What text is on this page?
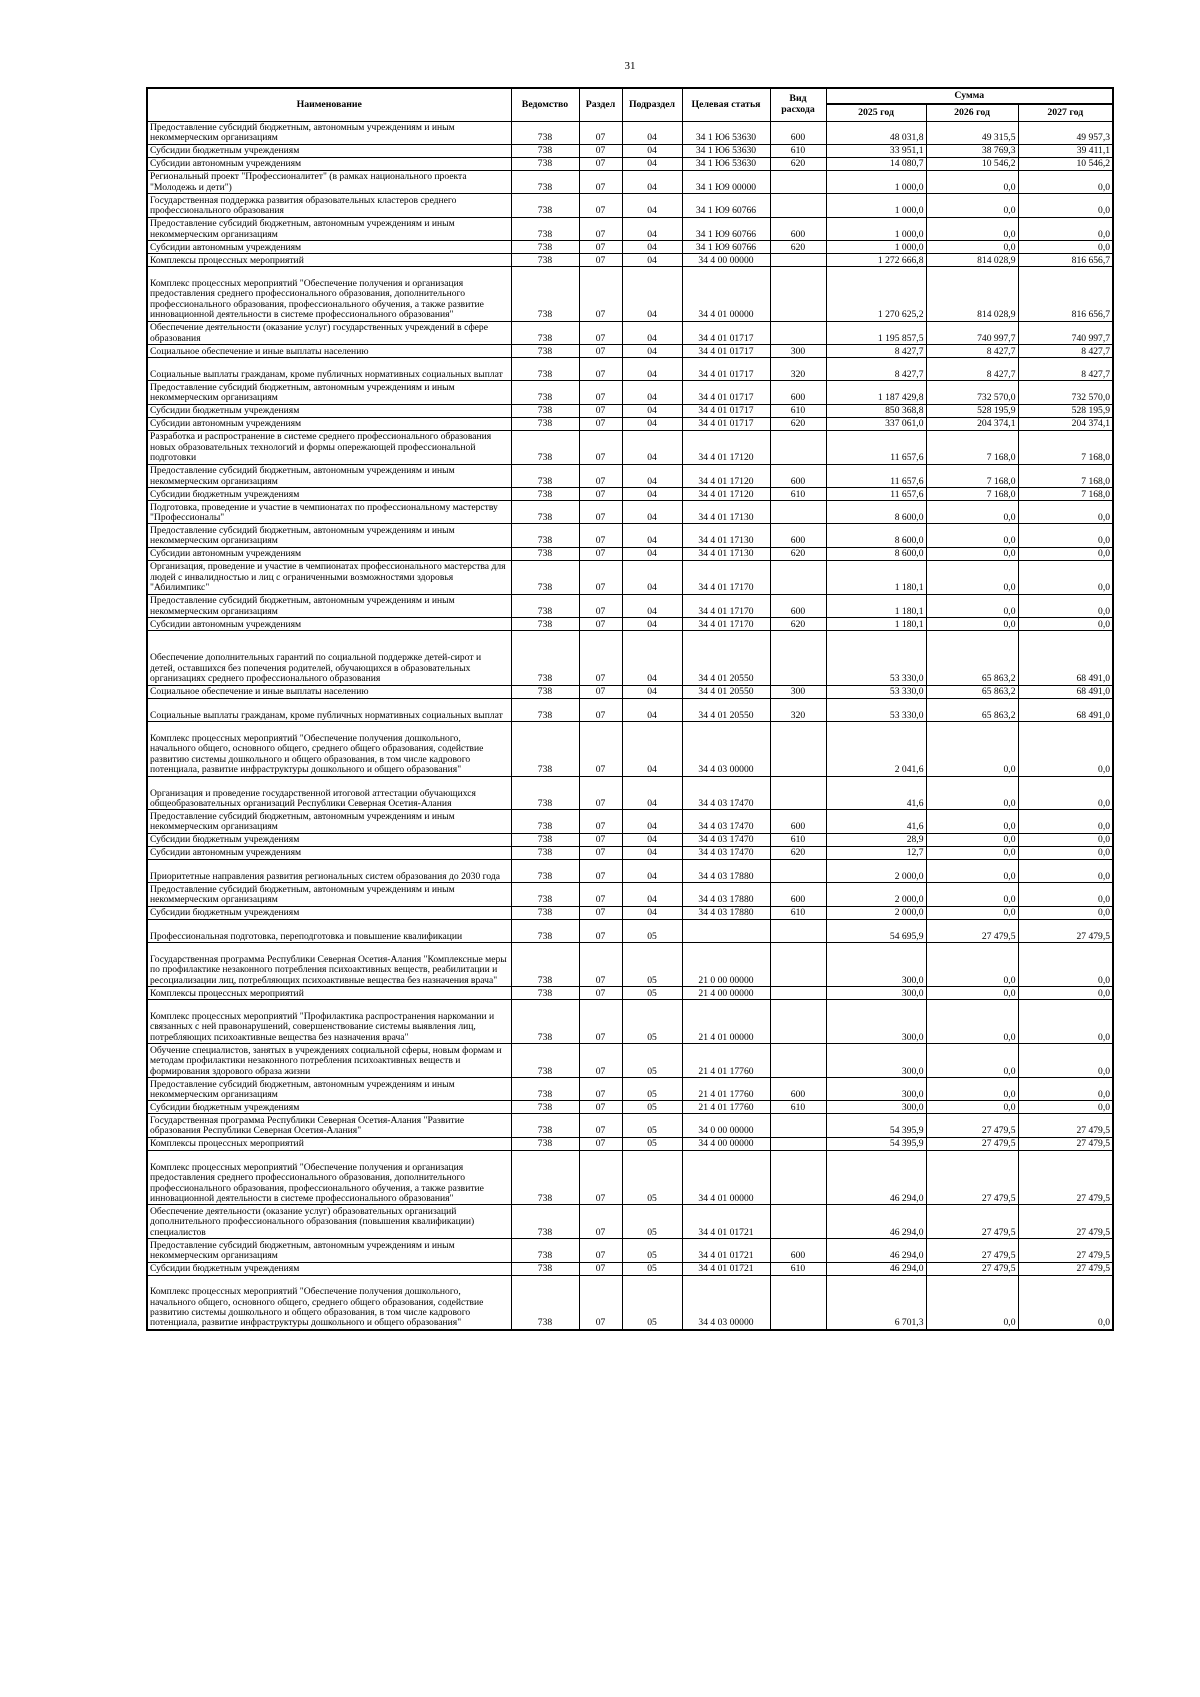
31
Наименование	Ведомство	Раздел	Подраздел	Целевая статья	Вид расхода	Сумма		
						2025 год	2026 год	2027 год
Предоставление субсидий бюджетным, автономным учреждениям и иным некоммерческим организациям	738	07	04	34 1 Ю6 53630	600	48 031,8	49 315,5	49 957,3
Субсидии бюджетным учреждениям	738	07	04	34 1 Ю6 53630	610	33 951,1	38 769,3	39 411,1
Субсидии автономным учреждениям	738	07	04	34 1 Ю6 53630	620	14 080,7	10 546,2	10 546,2
Региональный проект "Профессионалитет" (в рамках национального проекта "Молодежь и дети")	738	07	04	34 1 Ю9 00000		1 000,0	0,0	0,0
Государственная поддержка развития образовательных кластеров среднего профессионального образования	738	07	04	34 1 Ю9 60766		1 000,0	0,0	0,0
Предоставление субсидий бюджетным, автономным учреждениям и иным некоммерческим организациям	738	07	04	34 1 Ю9 60766	600	1 000,0	0,0	0,0
Субсидии автономным учреждениям	738	07	04	34 1 Ю9 60766	620	1 000,0	0,0	0,0
Комплексы процессных мероприятий	738	07	04	34 4 00 00000		1 272 666,8	814 028,9	816 656,7
Комплекс процессных мероприятий "Обеспечение получения и организация предоставления среднего профессионального образования, дополнительного профессионального образования, профессионального обучения, а также развитие инновационной деятельности в системе профессионального образования"	738	07	04	34 4 01 00000		1 270 625,2	814 028,9	816 656,7
Обеспечение деятельности (оказание услуг) государственных учреждений в сфере образования	738	07	04	34 4 01 01717		1 195 857,5	740 997,7	740 997,7
Социальное обеспечение и иные выплаты населению	738	07	04	34 4 01 01717	300	8 427,7	8 427,7	8 427,7
Социальные выплаты гражданам, кроме публичных нормативных социальных выплат	738	07	04	34 4 01 01717	320	8 427,7	8 427,7	8 427,7
Предоставление субсидий бюджетным, автономным учреждениям и иным некоммерческим организациям	738	07	04	34 4 01 01717	600	1 187 429,8	732 570,0	732 570,0
Субсидии бюджетным учреждениям	738	07	04	34 4 01 01717	610	850 368,8	528 195,9	528 195,9
Субсидии автономным учреждениям	738	07	04	34 4 01 01717	620	337 061,0	204 374,1	204 374,1
Разработка и распространение в системе среднего профессионального образования новых образовательных технологий и формы опережающей профессиональной подготовки	738	07	04	34 4 01 17120		11 657,6	7 168,0	7 168,0
Предоставление субсидий бюджетным, автономным учреждениям и иным некоммерческим организациям	738	07	04	34 4 01 17120	600	11 657,6	7 168,0	7 168,0
Субсидии бюджетным учреждениям	738	07	04	34 4 01 17120	610	11 657,6	7 168,0	7 168,0
Подготовка, проведение и участие в чемпионатах по профессиональному мастерству "Профессионалы"	738	07	04	34 4 01 17130		8 600,0	0,0	0,0
Предоставление субсидий бюджетным, автономным учреждениям и иным некоммерческим организациям	738	07	04	34 4 01 17130	600	8 600,0	0,0	0,0
Субсидии автономным учреждениям	738	07	04	34 4 01 17130	620	8 600,0	0,0	0,0
Организация, проведение и участие в чемпионатах профессионального мастерства для людей с инвалидностью и лиц с ограниченными возможностями здоровья "Абилимпикс"	738	07	04	34 4 01 17170		1 180,1	0,0	0,0
Предоставление субсидий бюджетным, автономным учреждениям и иным некоммерческим организациям	738	07	04	34 4 01 17170	600	1 180,1	0,0	0,0
Субсидии автономным учреждениям	738	07	04	34 4 01 17170	620	1 180,1	0,0	0,0
Обеспечение дополнительных гарантий по социальной поддержке детей-сирот и детей, оставшихся без попечения родителей, обучающихся в образовательных организациях среднего профессионального образования	738	07	04	34 4 01 20550		53 330,0	65 863,2	68 491,0
Социальное обеспечение и иные выплаты населению	738	07	04	34 4 01 20550	300	53 330,0	65 863,2	68 491,0
Социальные выплаты гражданам, кроме публичных нормативных социальных выплат	738	07	04	34 4 01 20550	320	53 330,0	65 863,2	68 491,0
Комплекс процессных мероприятий "Обеспечение получения дошкольного, начального общего, основного общего, среднего общего образования, содействие развитию системы дошкольного и общего образования, в том числе кадрового потенциала, развитие инфраструктуры дошкольного и общего образования"	738	07	04	34 4 03 00000		2 041,6	0,0	0,0
Организация и проведение государственной итоговой аттестации обучающихся общеобразовательных организаций Республики Северная Осетия-Алания	738	07	04	34 4 03 17470		41,6	0,0	0,0
Предоставление субсидий бюджетным, автономным учреждениям и иным некоммерческим организациям	738	07	04	34 4 03 17470	600	41,6	0,0	0,0
Субсидии бюджетным учреждениям	738	07	04	34 4 03 17470	610	28,9	0,0	0,0
Субсидии автономным учреждениям	738	07	04	34 4 03 17470	620	12,7	0,0	0,0
Приоритетные направления развития региональных систем образования до 2030 года	738	07	04	34 4 03 17880		2 000,0	0,0	0,0
Предоставление субсидий бюджетным, автономным учреждениям и иным некоммерческим организациям	738	07	04	34 4 03 17880	600	2 000,0	0,0	0,0
Субсидии бюджетным учреждениям	738	07	04	34 4 03 17880	610	2 000,0	0,0	0,0
Профессиональная подготовка, переподготовка и повышение квалификации	738	07	05			54 695,9	27 479,5	27 479,5
Государственная программа Республики Северная Осетия-Алания "Комплексные меры по профилактике незаконного потребления психоактивных веществ, реабилитации и ресоциализации лиц, потребляющих психоактивные вещества без назначения врача"	738	07	05	21 0 00 00000		300,0	0,0	0,0
Комплексы процессных мероприятий	738	07	05	21 4 00 00000		300,0	0,0	0,0
Комплекс процессных мероприятий "Профилактика распространения наркомании и связанных с ней правонарушений, совершенствование системы выявления лиц, потребляющих психоактивные вещества без назначения врача"	738	07	05	21 4 01 00000		300,0	0,0	0,0
Обучение специалистов, занятых в учреждениях социальной сферы, новым формам и методам профилактики незаконного потребления психоактивных веществ и формирования здорового образа жизни	738	07	05	21 4 01 17760		300,0	0,0	0,0
Предоставление субсидий бюджетным, автономным учреждениям и иным некоммерческим организациям	738	07	05	21 4 01 17760	600	300,0	0,0	0,0
Субсидии бюджетным учреждениям	738	07	05	21 4 01 17760	610	300,0	0,0	0,0
Государственная программа Республики Северная Осетия-Алания "Развитие образования Республики Северная Осетия-Алания"	738	07	05	34 0 00 00000		54 395,9	27 479,5	27 479,5
Комплексы процессных мероприятий	738	07	05	34 4 00 00000		54 395,9	27 479,5	27 479,5
Комплекс процессных мероприятий "Обеспечение получения и организация предоставления среднего профессионального образования, дополнительного профессионального образования, профессионального обучения, а также развитие инновационной деятельности в системе профессионального образования"	738	07	05	34 4 01 00000		46 294,0	27 479,5	27 479,5
Обеспечение деятельности (оказание услуг) образовательных организаций дополнительного профессионального образования (повышения квалификации) специалистов	738	07	05	34 4 01 01721		46 294,0	27 479,5	27 479,5
Предоставление субсидий бюджетным, автономным учреждениям и иным некоммерческим организациям	738	07	05	34 4 01 01721	600	46 294,0	27 479,5	27 479,5
Субсидии бюджетным учреждениям	738	07	05	34 4 01 01721	610	46 294,0	27 479,5	27 479,5
Комплекс процессных мероприятий "Обеспечение получения дошкольного, начального общего, основного общего, среднего общего образования, содействие развитию системы дошкольного и общего образования, в том числе кадрового потенциала, развитие инфраструктуры дошкольного и общего образования"	738	07	05	34 4 03 00000		6 701,3	0,0	0,0
